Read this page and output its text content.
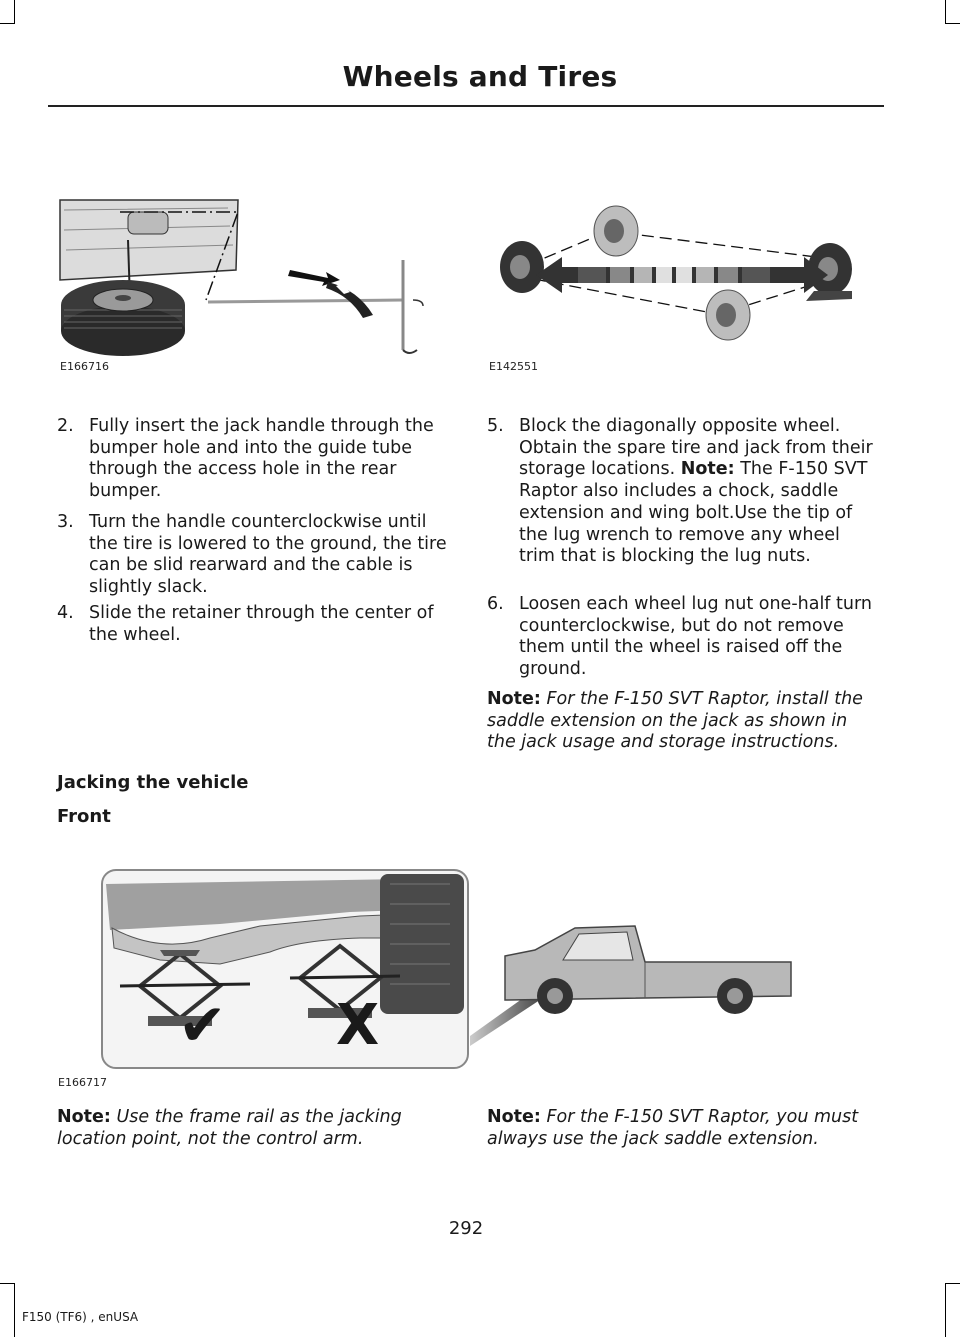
Wheels and Tires
E166716	E142551
2. Fully insert the jack handle through the bumper hole and into the guide tube through the access hole in the rear bumper.
3. Turn the handle counterclockwise until the tire is lowered to the ground, the tire can be slid rearward and the cable is slightly slack.
4. Slide the retainer through the center of the wheel.
5. Block the diagonally opposite wheel. Obtain the spare tire and jack from their storage locations. Note: The F-150 SVT Raptor also includes a chock, saddle extension and wing bolt.Use the tip of the lug wrench to remove any wheel trim that is blocking the lug nuts.
6. Loosen each wheel lug nut one-half turn counterclockwise, but do not remove them until the wheel is raised off the ground.
Note: For the F-150 SVT Raptor, install the saddle extension on the jack as shown in the jack usage and storage instructions.
Jacking the vehicle
Front
✔ X
E166717
Note: Use the frame rail as the jacking location point, not the control arm.
Note: For the F-150 SVT Raptor, you must always use the jack saddle extension.
292
F150 (TF6) , enUSA
